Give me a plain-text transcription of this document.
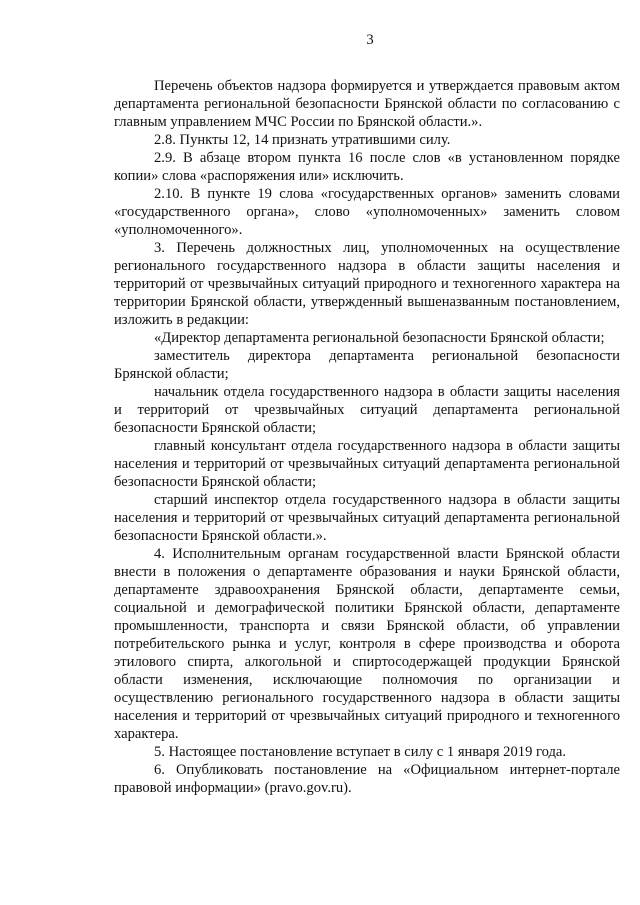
3

Перечень объектов надзора формируется и утверждается правовым актом департамента региональной безопасности Брянской области по согласованию с главным управлением МЧС России по Брянской области.».

2.8. Пункты 12, 14 признать утратившими силу.

2.9. В абзаце втором пункта 16 после слов «в установленном порядке копии» слова «распоряжения или» исключить.

2.10. В пункте 19 слова «государственных органов» заменить словами «государственного органа», слово «уполномоченных» заменить словом «уполномоченного».

3. Перечень должностных лиц, уполномоченных на осуществление регионального государственного надзора в области защиты населения и территорий от чрезвычайных ситуаций природного и техногенного характера на территории Брянской области, утвержденный вышеназванным постановлением, изложить в редакции:

«Директор департамента региональной безопасности Брянской области;

заместитель директора департамента региональной безопасности Брянской области;

начальник отдела государственного надзора в области защиты населения и территорий от чрезвычайных ситуаций департамента региональной безопасности Брянской области;

главный консультант отдела государственного надзора в области защиты населения и территорий от чрезвычайных ситуаций департамента региональной безопасности Брянской области;

старший инспектор отдела государственного надзора в области защиты населения и территорий от чрезвычайных ситуаций департамента региональной безопасности Брянской области.».

4. Исполнительным органам государственной власти Брянской области внести в положения о департаменте образования и науки Брянской области, департаменте здравоохранения Брянской области, департаменте семьи, социальной и демографической политики Брянской области, департаменте промышленности, транспорта и связи Брянской области, об управлении потребительского рынка и услуг, контроля в сфере производства и оборота этилового спирта, алкогольной и спиртосодержащей продукции Брянской области изменения, исключающие полномочия по организации и осуществлению регионального государственного надзора в области защиты населения и территорий от чрезвычайных ситуаций природного и техногенного характера.

5. Настоящее постановление вступает в силу с 1 января 2019 года.

6. Опубликовать постановление на «Официальном интернет-портале правовой информации» (pravo.gov.ru).
